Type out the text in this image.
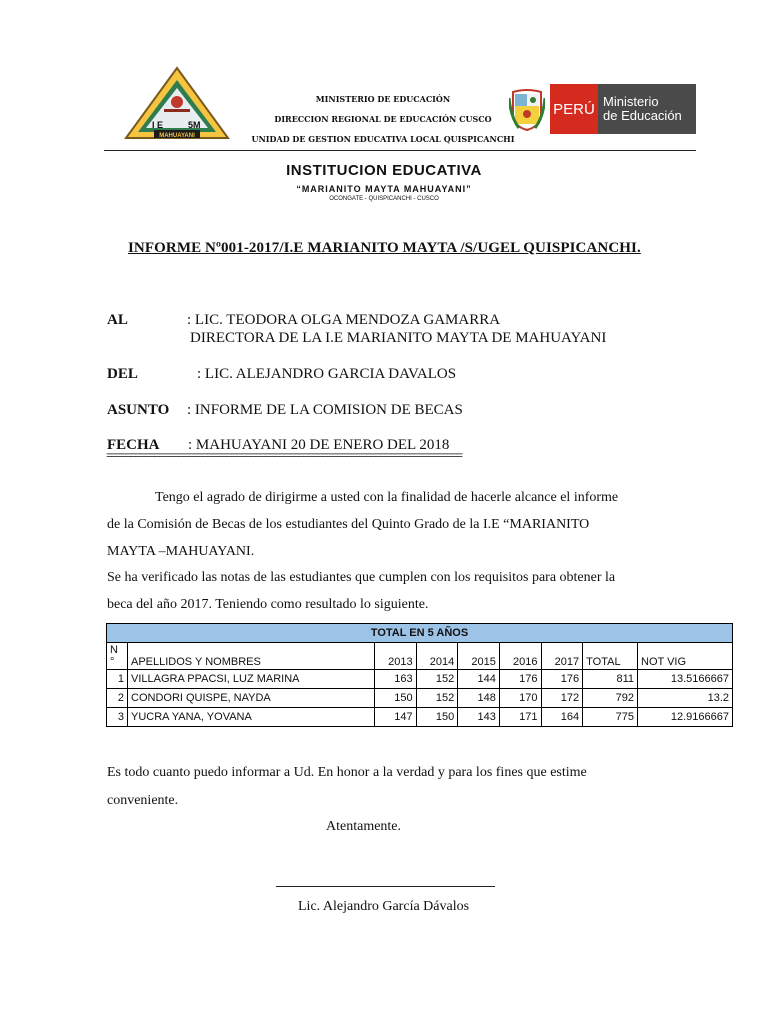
I E	5M
MAHUAYANI
MINISTERIO DE EDUCACIÓN
DIRECCION REGIONAL DE EDUCACIÓN CUSCO
UNIDAD DE GESTION EDUCATIVA LOCAL QUISPICANCHI
PERÚ Ministerio
de Educación
INSTITUCION EDUCATIVA
“MARIANITO MAYTA MAHUAYANI”
OCONGATE - QUISPICANCHI - CUSCO
INFORME Nº001-2017/I.E MARIANITO MAYTA /S/UGEL QUISPICANCHI.
AL	: LIC. TEODORA OLGA MENDOZA GAMARRA
DIRECTORA DE LA I.E MARIANITO MAYTA DE MAHUAYANI
DEL	: LIC. ALEJANDRO GARCIA DAVALOS
ASUNTO : INFORME DE LA COMISION DE BECAS
FECHA : MAHUAYANI 20 DE ENERO DEL 2018
==========================================================================
Tengo el agrado de dirigirme a usted con la finalidad de hacerle alcance el informe
de la Comisión de Becas de los estudiantes del Quinto Grado de la I.E “MARIANITO
MAYTA –MAHUAYANI.
Se ha verificado las notas de las estudiantes que cumplen con los requisitos para obtener la
beca del año 2017. Teniendo como resultado lo siguiente.
TOTAL EN 5 AÑOS								

N
°	APELLIDOS Y NOMBRES	2013	2014	2015	2016	2017	TOTAL	NOT VIG
1	VILLAGRA PPACSI, LUZ MARINA	163	152	144	176	176	811	13.5166667
2	CONDORI QUISPE, NAYDA	150	152	148	170	172	792	13.2
3	YUCRA YANA, YOVANA	147	150	143	171	164	775	12.9166667
Es todo cuanto puedo informar a Ud. En honor a la verdad y para los fines que estime
conveniente.
Atentamente.
Lic. Alejandro García Dávalos
